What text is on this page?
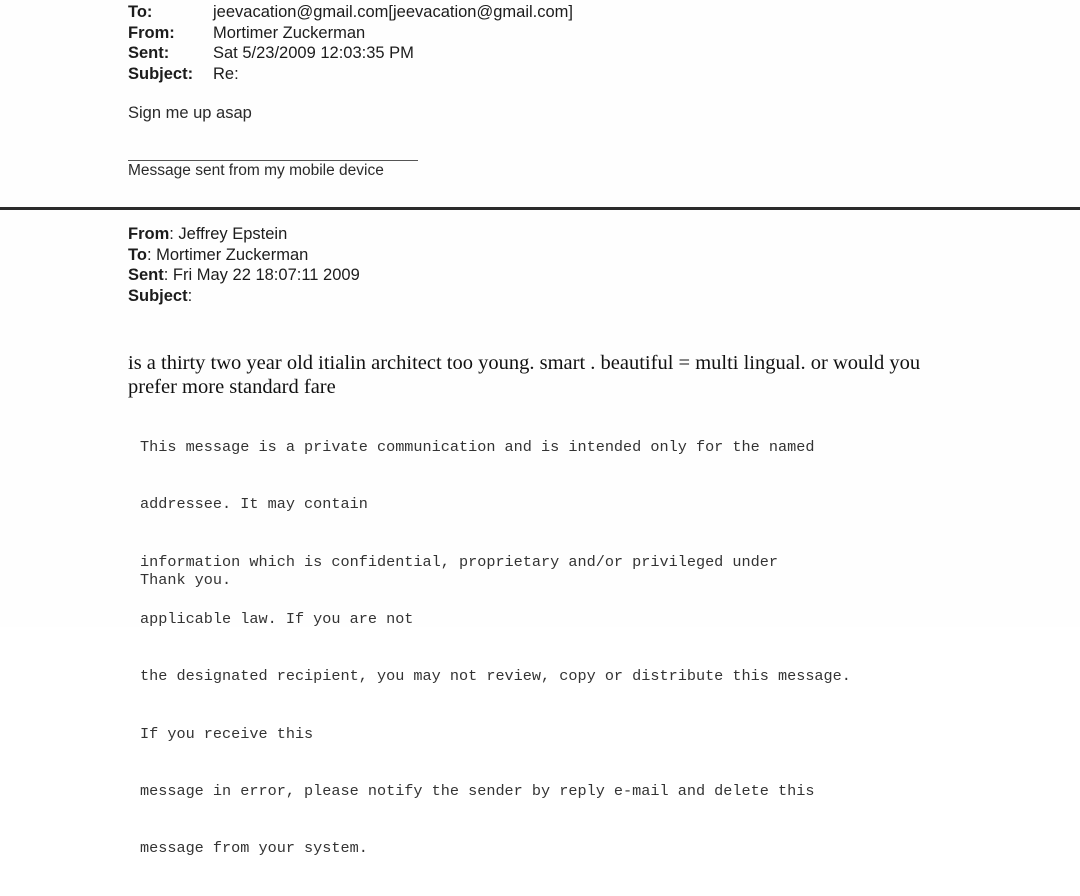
To:	jeevacation@gmail.com[jeevacation@gmail.com]
From:	Mortimer Zuckerman
Sent:	Sat 5/23/2009 12:03:35 PM
Subject:	Re:
Sign me up asap
Message sent from my mobile device
From: Jeffrey Epstein
To: Mortimer Zuckerman
Sent: Fri May 22 18:07:11 2009
Subject:
is a thirty two year old itialin architect too young. smart . beautiful = multi lingual. or would you
prefer more standard fare

This message is a private communication and is intended only for the named

addressee. It may contain

information which is confidential, proprietary and/or privileged under

applicable law. If you are not

the designated recipient, you may not review, copy or distribute this message.

If you receive this

message in error, please notify the sender by reply e-mail and delete this

message from your system.

Thank you.
